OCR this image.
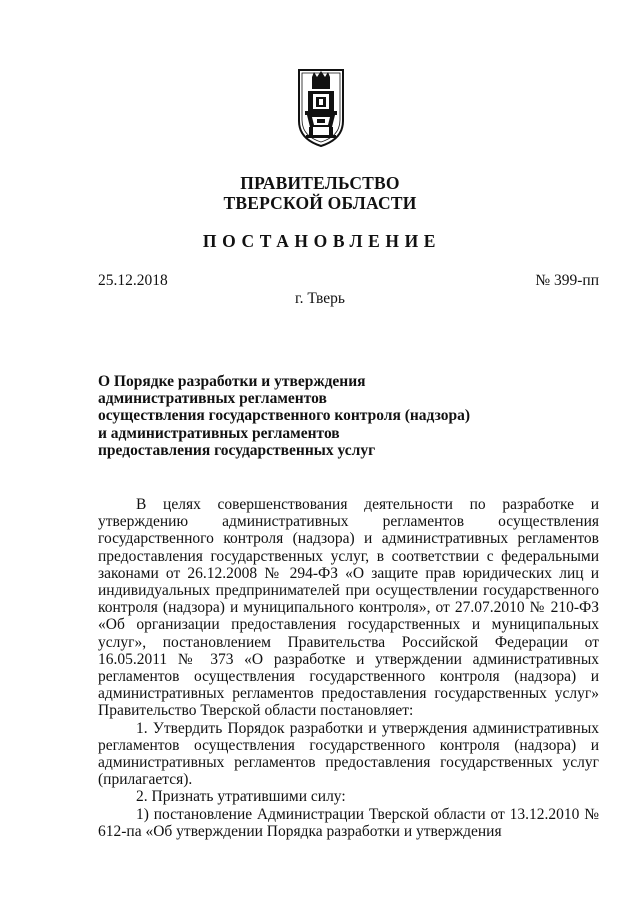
ПРАВИТЕЛЬСТВО
ТВЕРСКОЙ ОБЛАСТИ
ПОСТАНОВЛЕНИЕ
25.12.2018	№ 399-пп
г. Тверь
О Порядке разработки и утверждения
административных регламентов
осуществления государственного контроля (надзора)
и административных регламентов
предоставления государственных услуг
В целях совершенствования деятельности по разработке и утверждению административных регламентов осуществления государственного контроля (надзора) и административных регламентов предоставления государственных услуг, в соответствии с федеральными законами от 26.12.2008 № 294-ФЗ «О защите прав юридических лиц и индивидуальных предпринимателей при осуществлении государственного контроля (надзора) и муниципального контроля», от 27.07.2010 № 210-ФЗ «Об организации предоставления государственных и муниципальных услуг», постановлением Правительства Российской Федерации от 16.05.2011 № 373 «О разработке и утверждении административных регламентов осуществления государственного контроля (надзора) и административных регламентов предоставления государственных услуг» Правительство Тверской области постановляет:
1. Утвердить Порядок разработки и утверждения административных регламентов осуществления государственного контроля (надзора) и административных регламентов предоставления государственных услуг (прилагается).
2. Признать утратившими силу:
1) постановление Администрации Тверской области от 13.12.2010 № 612-па «Об утверждении Порядка разработки и утверждения
